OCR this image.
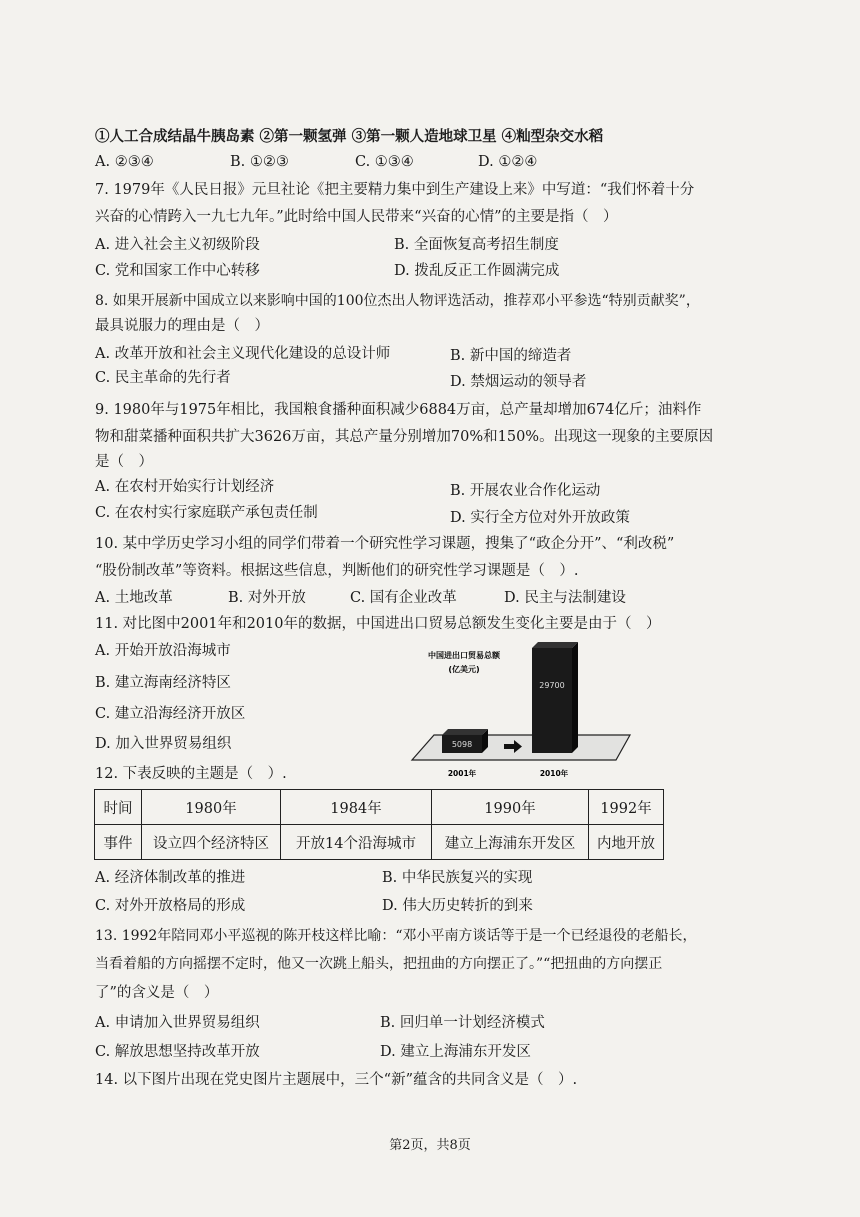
①人工合成结晶牛胰岛素 ②第一颗氢弹 ③第一颗人造地球卫星 ④籼型杂交水稻
A. ②③④	B. ①②③	C. ①③④	D. ①②④
7. 1979年《人民日报》元旦社论《把主要精力集中到生产建设上来》中写道：“我们怀着十分
兴奋的心情跨入一九七九年。”此时给中国人民带来“兴奋的心情”的主要是指（　）
A. 进入社会主义初级阶段	B. 全面恢复高考招生制度
C. 党和国家工作中心转移	D. 拨乱反正工作圆满完成
8. 如果开展新中国成立以来影响中国的100位杰出人物评选活动，推荐邓小平参选“特别贡献奖”，
最具说服力的理由是（　）
A. 改革开放和社会主义现代化建设的总设计师	B. 新中国的缔造者
C. 民主革命的先行者	D. 禁烟运动的领导者
9. 1980年与1975年相比，我国粮食播种面积减少6884万亩，总产量却增加674亿斤；油料作
物和甜菜播种面积共扩大3626万亩，其总产量分别增加70%和150%。出现这一现象的主要原因
是（　）
A. 在农村开始实行计划经济	B. 开展农业合作化运动
C. 在农村实行家庭联产承包责任制	D. 实行全方位对外开放政策
10. 某中学历史学习小组的同学们带着一个研究性学习课题，搜集了“政企分开”、“利改税”
“股份制改革”等资料。根据这些信息，判断他们的研究性学习课题是（　）.
A. 土地改革	B. 对外开放	C. 国有企业改革	D. 民主与法制建设
11. 对比图中2001年和2010年的数据，中国进出口贸易总额发生变化主要是由于（　）
A. 开始开放沿海城市
B. 建立海南经济特区
C. 建立沿海经济开放区
D. 加入世界贸易组织
中国进出口贸易总额
(亿美元)
5098
29700
2001年	2010年
12. 下表反映的主题是（　）.
时间	1980年	1984年	1990年	1992年
事件	设立四个经济特区	开放14个沿海城市	建立上海浦东开发区	内地开放
A. 经济体制改革的推进	B. 中华民族复兴的实现
C. 对外开放格局的形成	D. 伟大历史转折的到来
13. 1992年陪同邓小平巡视的陈开枝这样比喻：“邓小平南方谈话等于是一个已经退役的老船长，
当看着船的方向摇摆不定时，他又一次跳上船头，把扭曲的方向摆正了。”“把扭曲的方向摆正
了”的含义是（　）
A. 申请加入世界贸易组织	B. 回归单一计划经济模式
C. 解放思想坚持改革开放	D. 建立上海浦东开发区
14. 以下图片出现在党史图片主题展中，三个“新”蕴含的共同含义是（　）.
第2页，共8页
